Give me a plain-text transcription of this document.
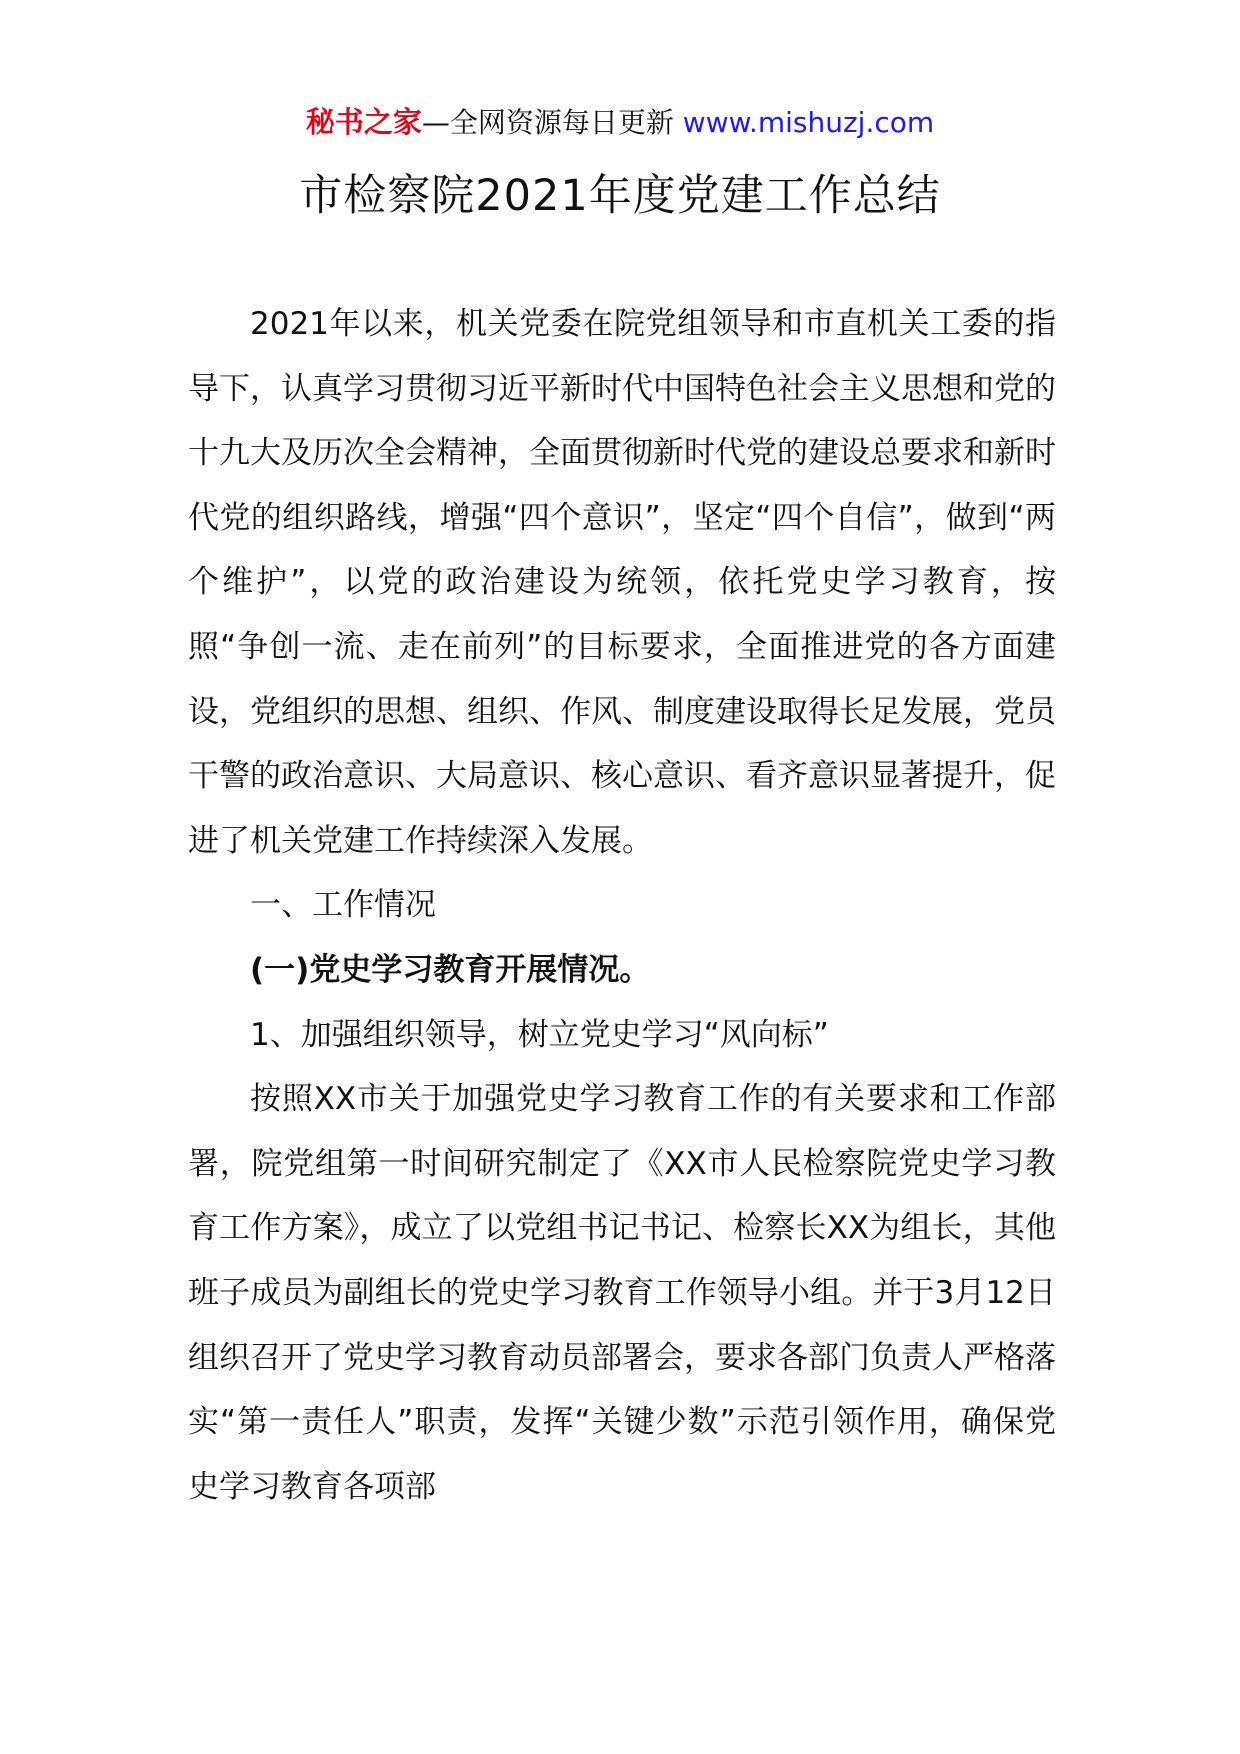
秘书之家—全网资源每日更新 www.mishuzj.com
市检察院2021年度党建工作总结

2021年以来，机关党委在院党组领导和市直机关工委的指导下，认真学习贯彻习近平新时代中国特色社会主义思想和党的十九大及历次全会精神，全面贯彻新时代党的建设总要求和新时代党的组织路线，增强“四个意识”，坚定“四个自信”，做到“两个维护”，以党的政治建设为统领，依托党史学习教育，按照“争创一流、走在前列”的目标要求，全面推进党的各方面建设，党组织的思想、组织、作风、制度建设取得长足发展，党员干警的政治意识、大局意识、核心意识、看齐意识显著提升，促进了机关党建工作持续深入发展。

一、工作情况

(一)党史学习教育开展情况。

1、加强组织领导，树立党史学习“风向标”

按照XX市关于加强党史学习教育工作的有关要求和工作部署，院党组第一时间研究制定了《XX市人民检察院党史学习教育工作方案》，成立了以党组书记书记、检察长XX为组长，其他班子成员为副组长的党史学习教育工作领导小组。并于3月12日组织召开了党史学习教育动员部署会，要求各部门负责人严格落实“第一责任人”职责，发挥“关键少数”示范引领作用，确保党史学习教育各项部
